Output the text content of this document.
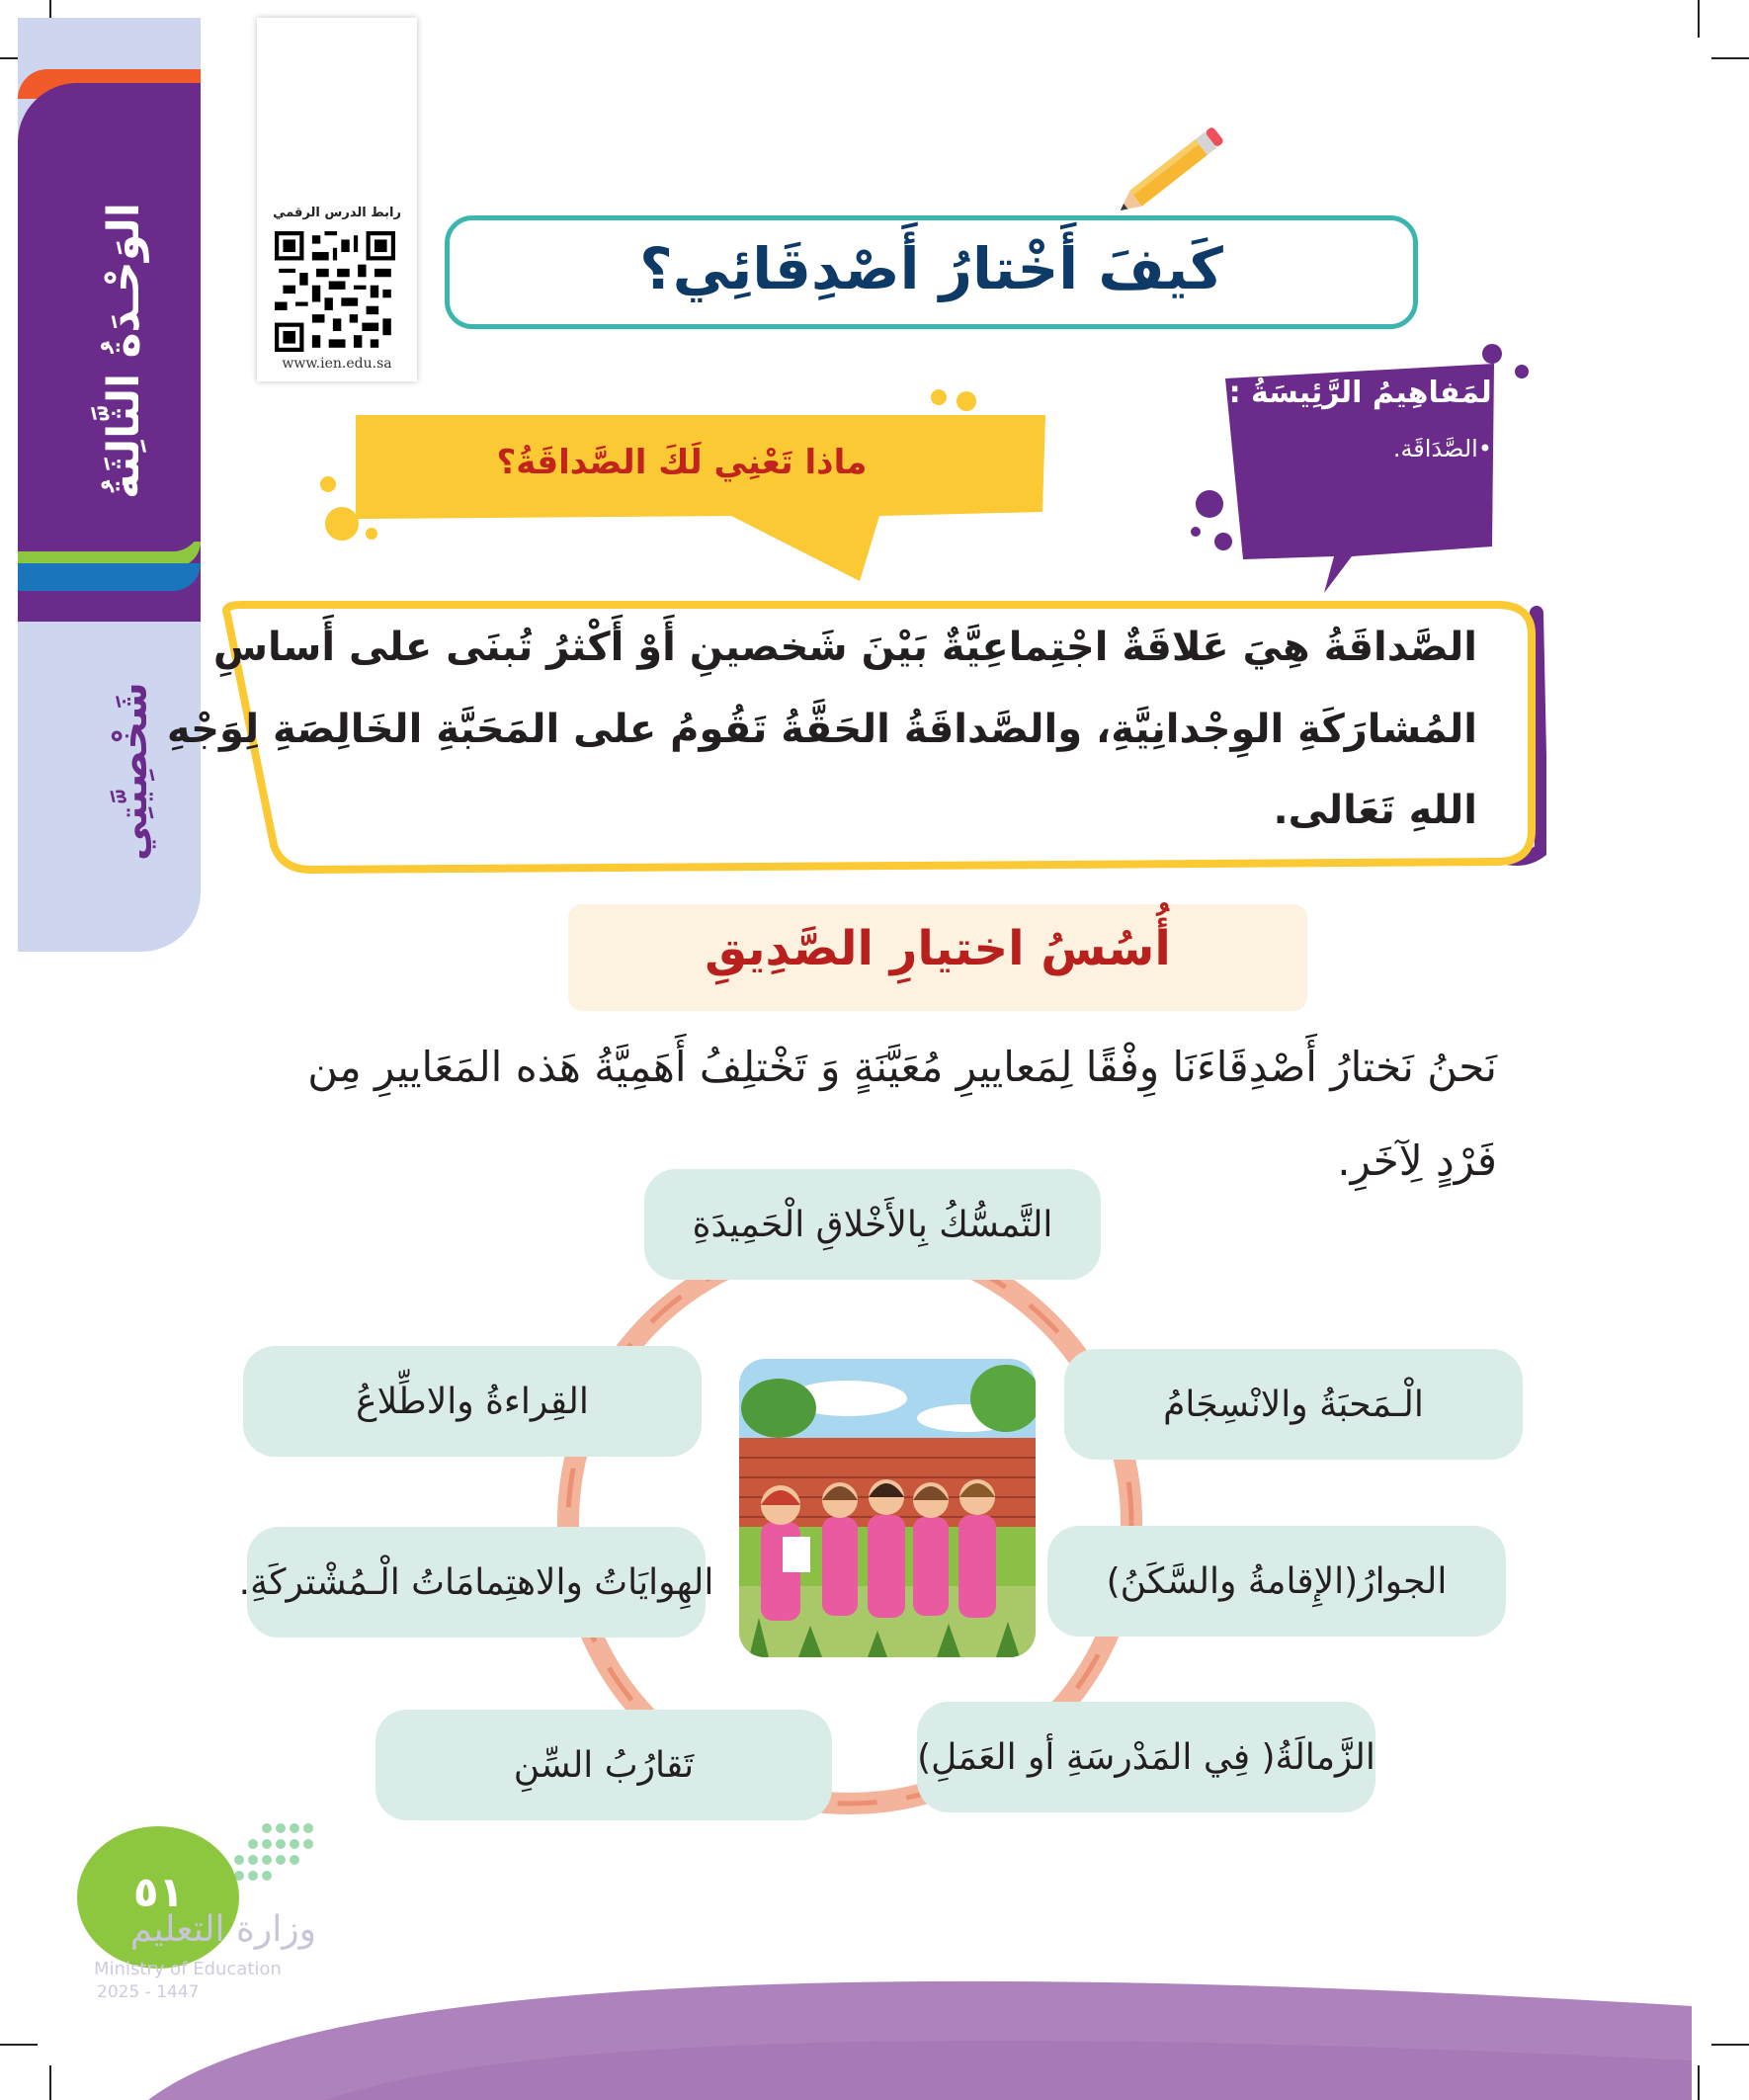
الوَحْـدَةُ الثَّالِثَةُ
شَخْصِيَّتِي
رابط الدرس الرقمي
www.ien.edu.sa
كَيفَ أَخْتارُ أَصْدِقَائِي؟
المَفاهِيمُ الرَّئِيسَةُ :
•الصَّدَاقَة.
ماذا تَعْنِي لَكَ الصَّداقَةُ؟
الصَّداقَةُ هِيَ عَلاقَةٌ اجْتِماعِيَّةٌ بَيْنَ شَخصينِ أَوْ أَكْثرُ تُبنَى على أَساسِ
المُشارَكَةِ الوِجْدانِيَّةِ، والصَّداقَةُ الحَقَّةُ تَقُومُ على المَحَبَّةِ الخَالِصَةِ لِوَجْهِ
اللهِ تَعَالى.
أُسُسُ اختيارِ الصَّدِيقِ
نَحنُ نَختارُ أَصْدِقَاءَنَا وِفْقًا لِمَعاييرِ مُعَيَّنَةٍ وَ تَخْتلِفُ أَهَمِيَّةُ هَذه المَعَاييرِ مِن
فَرْدٍ لِآخَرِ.
التَّمسُّكُ بِالأَخْلاقِ الْحَمِيدَةِ
الْـمَحبَةُ والانْسِجَامُ
القِراءةُ والاطِّلاعُ
الجوارُ(الإِقامةُ والسَّكَنُ)
الهِوايَاتُ والاهتِمامَاتُ الْـمُشْتركَةِ.
الزَّمالَةُ( فِي المَدْرسَةِ أو العَمَلِ)
تَقارُبُ السِّنِ
٥١
وزارة التعليم
Ministry of Education
2025 - 1447
